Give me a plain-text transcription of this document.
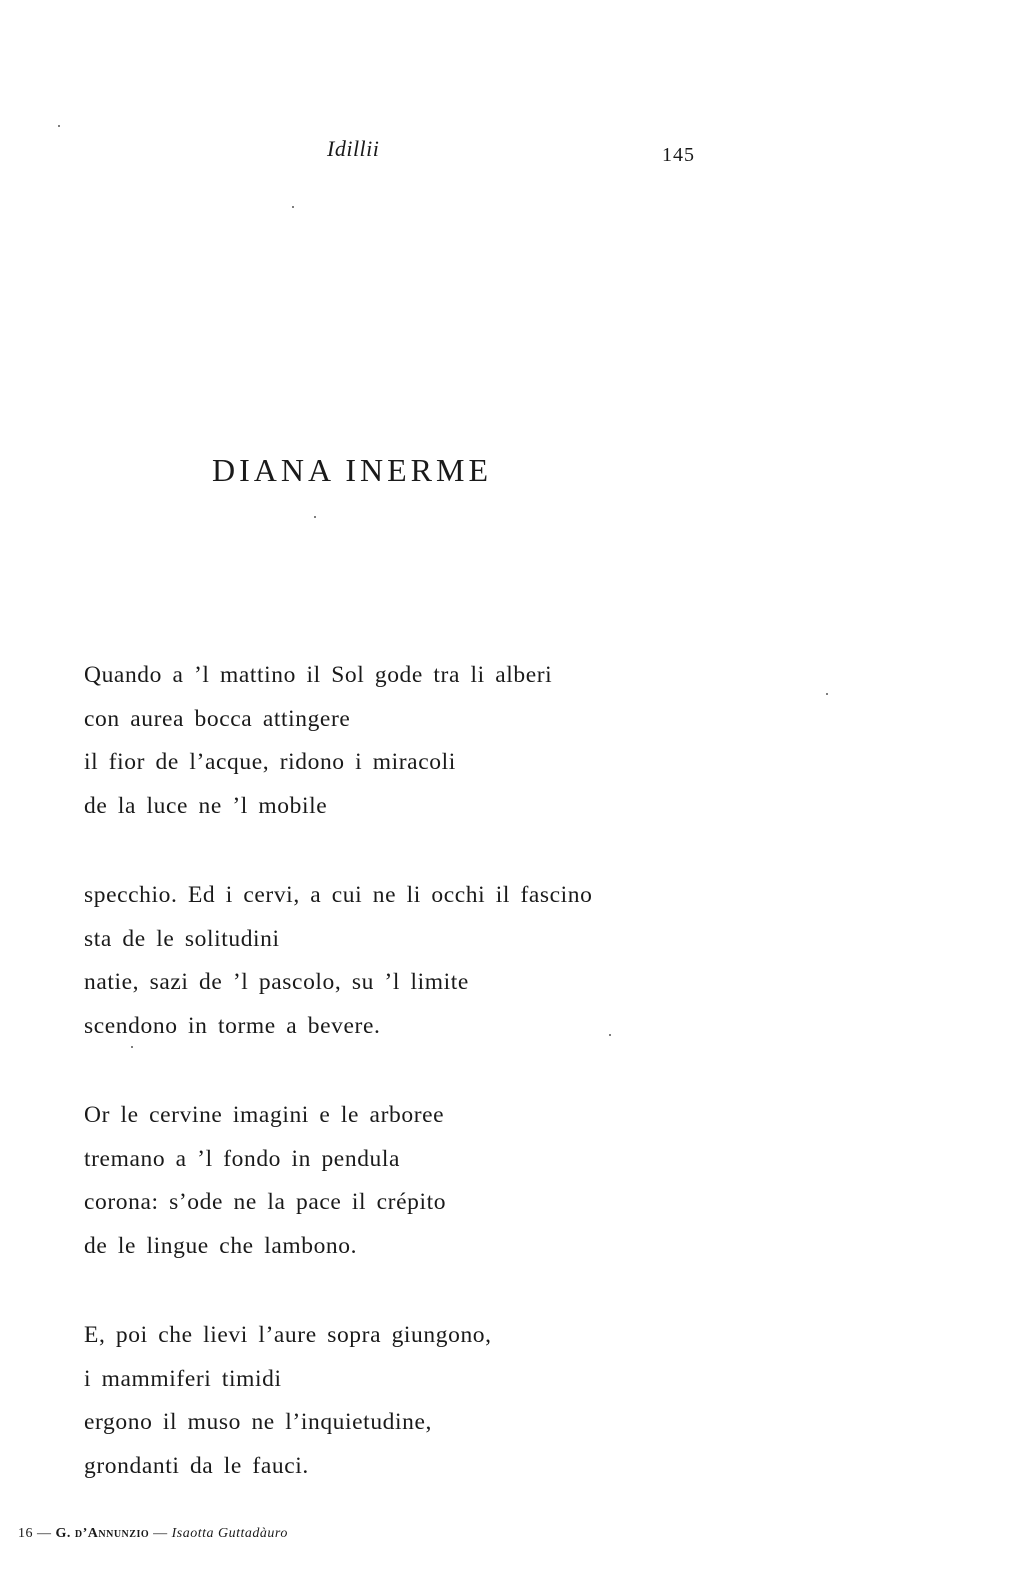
Idillii	145
DIANA INERME
Quando a ’l mattino il Sol gode tra li alberi
con aurea bocca attingere
il fior de l’acque, ridono i miracoli
de la luce ne ’l mobile
specchio. Ed i cervi, a cui ne li occhi il fascino
sta de le solitudini
natie, sazi de ’l pascolo, su ’l limite
scendono in torme a bevere.
Or le cervine imagini e le arboree
tremano a ’l fondo in pendula
corona: s’ode ne la pace il crépito
de le lingue che lambono.
E, poi che lievi l’aure sopra giungono,
i mammiferi timidi
ergono il muso ne l’inquietudine,
grondanti da le fauci.
16 — G. d’Annunzio — Isaotta Guttadàuro
